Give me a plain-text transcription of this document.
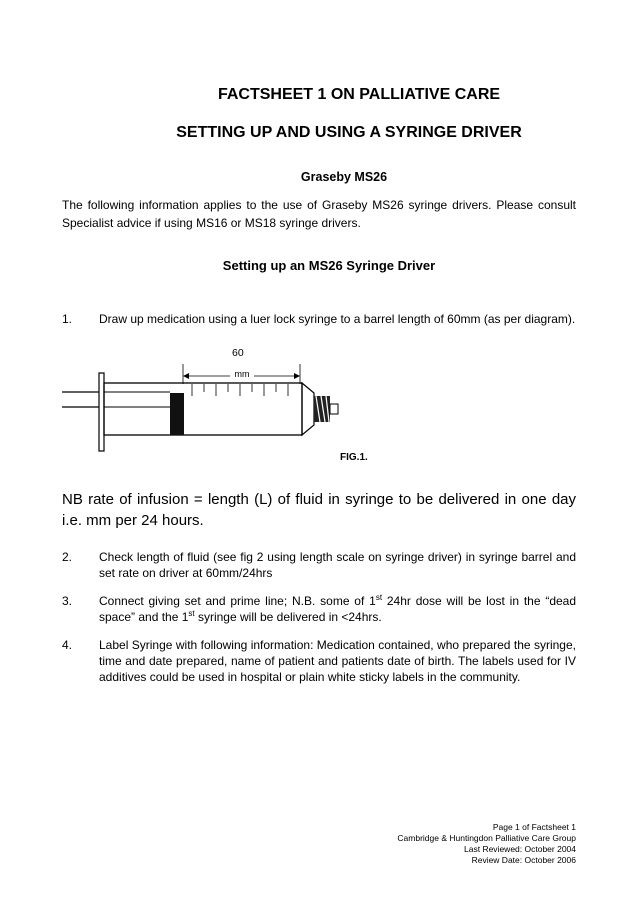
FACTSHEET 1 ON PALLIATIVE CARE
SETTING UP AND USING A SYRINGE DRIVER
Graseby MS26
The following information applies to the use of Graseby MS26 syringe drivers. Please consult Specialist advice if using MS16 or MS18 syringe drivers.
Setting up an MS26 Syringe Driver
1. Draw up medication using a luer lock syringe to a barrel length of 60mm (as per diagram).
60
mm
FIG.1.
NB rate of infusion = length (L) of fluid in syringe to be delivered in one day i.e. mm per 24 hours.
2. Check length of fluid (see fig 2 using length scale on syringe driver) in syringe barrel and set rate on driver at 60mm/24hrs
3. Connect giving set and prime line; N.B. some of 1st 24hr dose will be lost in the “dead space” and the 1st syringe will be delivered in <24hrs.
4. Label Syringe with following information: Medication contained, who prepared the syringe, time and date prepared, name of patient and patients date of birth. The labels used for IV additives could be used in hospital or plain white sticky labels in the community.
Page 1 of Factsheet 1
Cambridge & Huntingdon Palliative Care Group
Last Reviewed: October 2004
Review Date: October 2006
